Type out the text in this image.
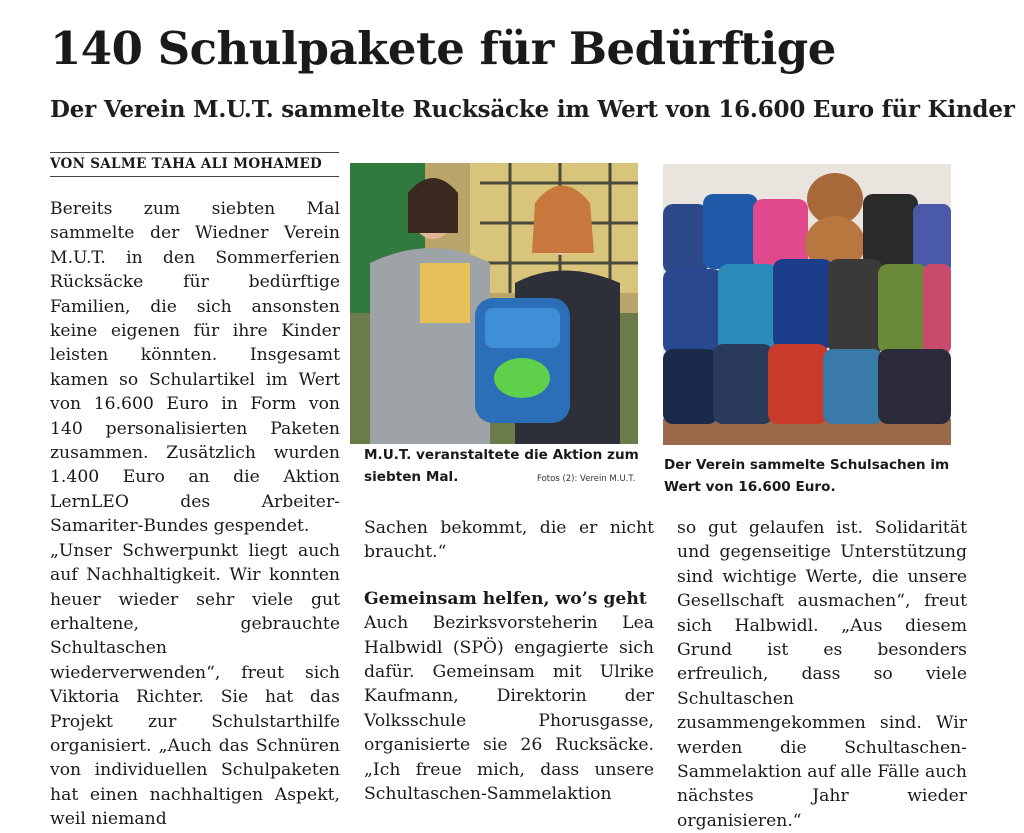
140 Schulpakete für Bedürftige
Der Verein M.U.T. sammelte Rucksäcke im Wert von 16.600 Euro für Kinder
VON SALME TAHA ALI MOHAMED

Bereits zum siebten Mal sammelte der Wiedner Verein M.U.T. in den Sommerferien Rücksäcke für bedürftige Familien, die sich ansonsten keine eigenen für ihre Kinder leisten könnten. Insgesamt kamen so Schulartikel im Wert von 16.600 Euro in Form von 140 personalisierten Paketen zusammen. Zusätzlich wurden 1.400 Euro an die Aktion LernLEO des Arbeiter-Samariter-Bundes gespendet.

„Unser Schwerpunkt liegt auch auf Nachhaltigkeit. Wir konnten heuer wieder sehr viele gut erhaltene, gebrauchte Schultaschen wiederverwenden“, freut sich Viktoria Richter. Sie hat das Projekt zur Schulstarthilfe organisiert. „Auch das Schnüren von individuellen Schulpaketen hat einen nachhaltigen Aspekt, weil niemand

M.U.T. veranstaltete die Aktion zum siebten Mal.	Fotos (2): Verein M.U.T.
Der Verein sammelte Schulsachen im Wert von 16.600 Euro.

Sachen bekommt, die er nicht braucht.“

Gemeinsam helfen, wo’s geht

Auch Bezirksvorsteherin Lea Halbwidl (SPÖ) engagierte sich dafür. Gemeinsam mit Ulrike Kaufmann, Direktorin der Volksschule Phorusgasse, organisierte sie 26 Rucksäcke. „Ich freue mich, dass unsere Schultaschen-Sammelaktion

so gut gelaufen ist. Solidarität und gegenseitige Unterstützung sind wichtige Werte, die unsere Gesellschaft ausmachen“, freut sich Halbwidl. „Aus diesem Grund ist es besonders erfreulich, dass so viele Schultaschen zusammengekommen sind. Wir werden die Schultaschen-Sammelaktion auf alle Fälle auch nächstes Jahr wieder organisieren.“
